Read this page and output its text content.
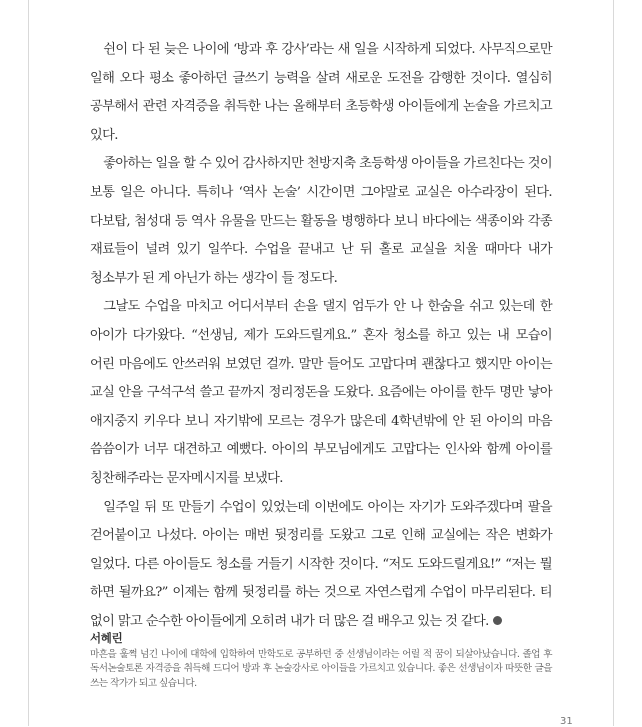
쉰이 다 된 늦은 나이에 ‘방과 후 강사’라는 새 일을 시작하게 되었다. 사무직으로만 일해 오다 평소 좋아하던 글쓰기 능력을 살려 새로운 도전을 감행한 것이다. 열심히 공부해서 관련 자격증을 취득한 나는 올해부터 초등학생 아이들에게 논술을 가르치고 있다.

좋아하는 일을 할 수 있어 감사하지만 천방지축 초등학생 아이들을 가르친다는 것이 보통 일은 아니다. 특히나 ‘역사 논술’ 시간이면 그야말로 교실은 아수라장이 된다. 다보탑, 첨성대 등 역사 유물을 만드는 활동을 병행하다 보니 바다에는 색종이와 각종 재료들이 널려 있기 일쑤다. 수업을 끝내고 난 뒤 홀로 교실을 치울 때마다 내가 청소부가 된 게 아닌가 하는 생각이 들 정도다.

그날도 수업을 마치고 어디서부터 손을 댈지 엄두가 안 나 한숨을 쉬고 있는데 한 아이가 다가왔다. “선생님, 제가 도와드릴게요.” 혼자 청소를 하고 있는 내 모습이 어린 마음에도 안쓰러워 보였던 걸까. 말만 들어도 고맙다며 괜찮다고 했지만 아이는 교실 안을 구석구석 쓸고 끝까지 정리정돈을 도왔다. 요즘에는 아이를 한두 명만 낳아 애지중지 키우다 보니 자기밖에 모르는 경우가 많은데 4학년밖에 안 된 아이의 마음 씀씀이가 너무 대견하고 예뻤다. 아이의 부모님에게도 고맙다는 인사와 함께 아이를 칭찬해주라는 문자메시지를 보냈다.

일주일 뒤 또 만들기 수업이 있었는데 이번에도 아이는 자기가 도와주겠다며 팔을 걷어붙이고 나섰다. 아이는 매번 뒷정리를 도왔고 그로 인해 교실에는 작은 변화가 일었다. 다른 아이들도 청소를 거들기 시작한 것이다. “저도 도와드릴게요!” “저는 뭘 하면 될까요?” 이제는 함께 뒷정리를 하는 것으로 자연스럽게 수업이 마무리된다. 티 없이 맑고 순수한 아이들에게 오히려 내가 더 많은 걸 배우고 있는 것 같다.

서혜린
마흔을 훌쩍 넘긴 나이에 대학에 입학하여 만학도로 공부하던 중 선생님이라는 어릴 적 꿈이 되살아났습니다. 졸업 후 독서논술토론 자격증을 취득해 드디어 방과 후 논술강사로 아이들을 가르치고 있습니다. 좋은 선생님이자 따뜻한 글을 쓰는 작가가 되고 싶습니다.
31
